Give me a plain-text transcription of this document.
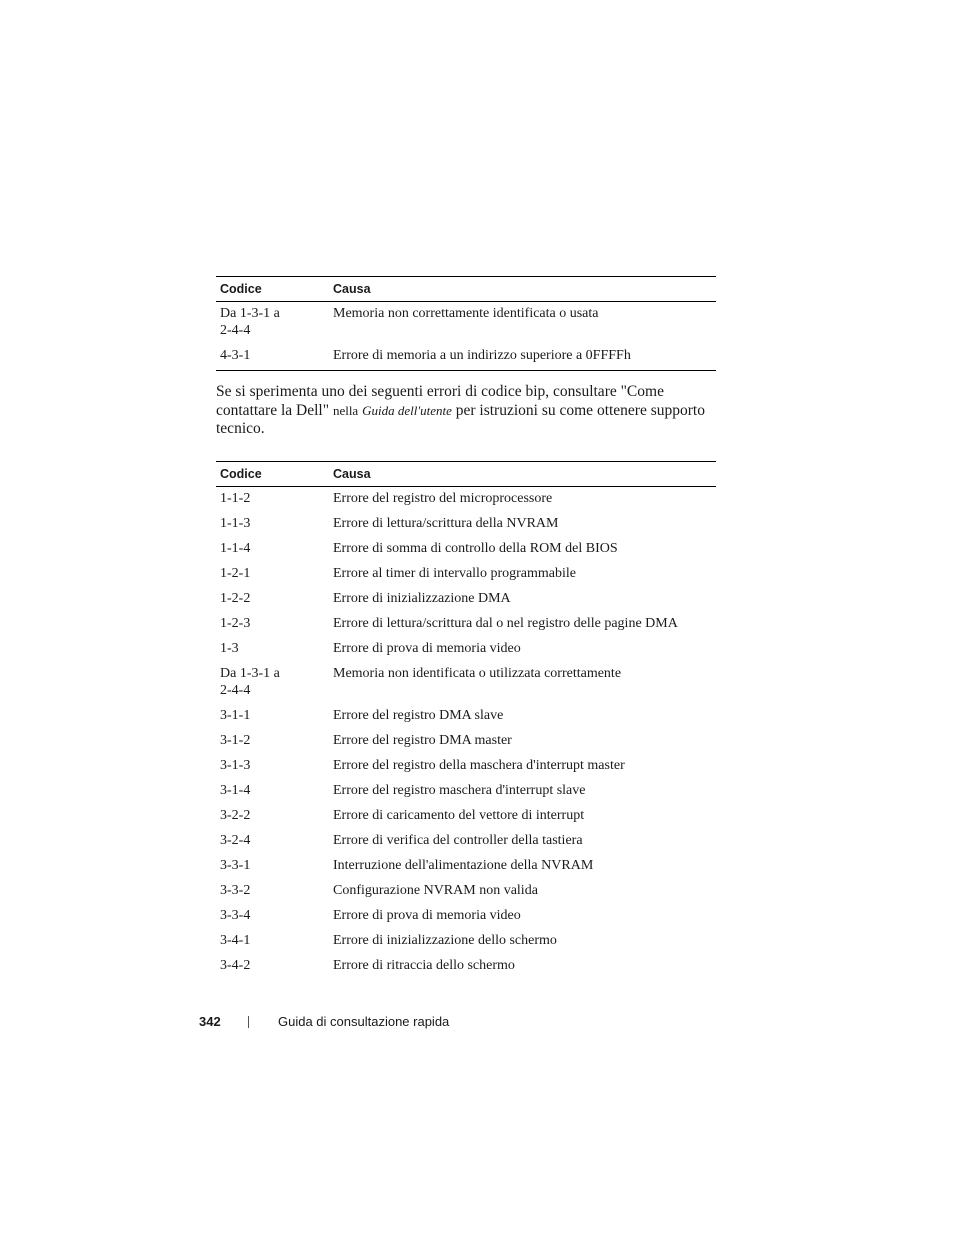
Codice	Causa
Da 1-3-1 a 2-4-4	Memoria non correttamente identificata o usata
4-3-1	Errore di memoria a un indirizzo superiore a 0FFFFh

Se si sperimenta uno dei seguenti errori di codice bip, consultare "Come contattare la Dell" nella Guida dell'utente per istruzioni su come ottenere supporto tecnico.

Codice	Causa
1-1-2	Errore del registro del microprocessore
1-1-3	Errore di lettura/scrittura della NVRAM
1-1-4	Errore di somma di controllo della ROM del BIOS
1-2-1	Errore al timer di intervallo programmabile
1-2-2	Errore di inizializzazione DMA
1-2-3	Errore di lettura/scrittura dal o nel registro delle pagine DMA
1-3	Errore di prova di memoria video
Da 1-3-1 a 2-4-4	Memoria non identificata o utilizzata correttamente
3-1-1	Errore del registro DMA slave
3-1-2	Errore del registro DMA master
3-1-3	Errore del registro della maschera d'interrupt master
3-1-4	Errore del registro maschera d'interrupt slave
3-2-2	Errore di caricamento del vettore di interrupt
3-2-4	Errore di verifica del controller della tastiera
3-3-1	Interruzione dell'alimentazione della NVRAM
3-3-2	Configurazione NVRAM non valida
3-3-4	Errore di prova di memoria video
3-4-1	Errore di inizializzazione dello schermo
3-4-2	Errore di ritraccia dello schermo
342	Guida di consultazione rapida
